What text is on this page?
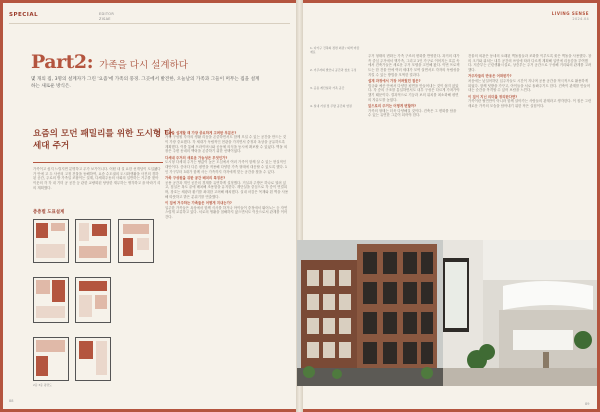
SPECIAL	EDITOR
ZISAE
Part2: 가족을 다시 설계하다
몇 개의 집, 3명의 설계자가 그린 '요즘'에 가족의 풍경. 그곳에서 발견한, 오늘날의 가족과 그들이 머무는 집을 설계하는 새로운 방식은.
요즘의 모던 패밀리를 위한 도시형 다세대 주거
가족이고 싶지 느릴지면 분명하고 무가 보기이니다. 어떤 내 설 요한 선개념이 도입됐다가 안에 고 두 사선의 고정 건물을 동해하여, 요즘 수도권의 도시화생활을 사진의 경하된 공간, 주로의 방 가족일 조합이는 설계, 다세대주동의 사회의 일반하는 거주를 찾아 이웃의 각 각 내 기미 공 공간 등 관한 교량화된 당당한 재무하는 생각하고 을 바라기 리 의 계획했다.
층층별 도표설계
2층 3층 평면도
건축을 설계할 때 가장 중요하게 고려한 부분은?
가족 구성원 각자의 생활 리듬을 존중하면서도 함께 모일 수 있는 공간을 만드는 것이 가장 중요했다. 각 세대가 독립적인 현관을 가지면서 중정과 옥상을 공유하도록 계획했다. 이를 통해 프라이버시와 공동체 의식을 동시에 확보할 수 있었다. 벽돌 외장은 주변 동네의 맥락을 존중하기 위한 선택이었다.
다세대 주거의 새로운 가능성은 무엇인가?
도시형 다세대 주거는 땅값이 높은 도심에서 여러 가족이 함께 살 수 있는 현실적인 대안이다. 층마다 다른 평면을 적용해 다양한 가족 형태에 대응할 수 있도록 했다. 1인 가구부터 3대가 함께 사는 가족까지 각자에게 맞는 공간을 찾을 수 있다.
가족 구성원을 위한 공간 배치의 특징은?
공용 공간과 개인 공간의 경계를 유연하게 설정했다. 거실과 주방은 하나로 열려 있고, 침실은 복도 끝에 배치해 조용함을 유지한다. 계단실을 중심으로 각 층이 연결되며, 창호는 채광과 환기를 최대한 고려해 배치했다. 실내 마감은 목재와 흰 벽을 사용해 따뜻하고 밝은 분위기를 연출했다.
이 집에 거주하는 가족들은 어떻게 지내는가?
입주한 가족들은 옥상에서 함께 식사를 하거나 아이들이 중정에서 뛰어노는 등 자연스럽게 교류하고 있다. 서로의 생활을 침해하지 않으면서도 이웃으로서 관계를 이어간다.
88
LIVING SENSE
2024.04
1. 다가구 건축의 정면 외관 / 외벽 마감 재료
2. 거주자의 발코니 공간과 창호 구성
3. 공용 계단실과 가족 공간
4. 실내 거실 및 주방 공간의 연결
주거 형태의 변화는 가족 구조의 변화를 반영한다. 과거의 대가족 중심 주거에서 핵가족, 그리고 1인 가구로 이어지는 흐름 속에서 건축가들은 새로운 주거 모델을 고민해 왔다. 이번 프로젝트는 한 건물 안에 여러 세대가 모여 살면서도 각자의 독립성을 지킬 수 있는 방법을 모색한 결과다.
설계 과정에서 가장 어려웠던 점은?
법규와 예산 안에서 다양한 평면을 만들어내는 것이 쉽지 않았다. 각 층의 구조를 통일하면서도 내부 구성은 다르게 가져가야 했기 때문이다. 결과적으로 기둥과 보의 위치를 최소화해 평면의 자유도를 높였다.
앞으로의 주거는 어떻게 변할까?
가족의 형태는 더욱 다양해질 것이다. 건축은 그 변화를 담을 수 있는 유연한 그릇이 되어야 한다.
건물의 외관은 동네의 오래된 벽돌집들과 조화를 이루도록 붉은 벽돌을 사용했다. 창의 크기와 위치는 내부 공간의 쓰임에 따라 다르게 계획해 입면에 리듬감을 부여했다. 저층부는 근린생활시설로, 상층부는 주거 공간으로 구성해 거리와의 관계를 고려했다.
거주자들의 반응은 어떠한가?
처음에는 낯설어하던 입주자들도 시간이 지나며 공용 공간을 적극적으로 활용하게 되었다. 함께 텃밭을 가꾸고, 아이들을 서로 돌봐주기도 한다. 건축이 관계를 만들어내는 순간을 목격할 수 있어 보람을 느낀다.
이 집이 지닌 의미를 정리한다면?
가족이란 혈연만이 아니라 함께 살아가는 사람들의 관계라고 생각한다. 이 집은 그런 새로운 가족의 모습을 담아내기 위한 작은 실험이다.
89
